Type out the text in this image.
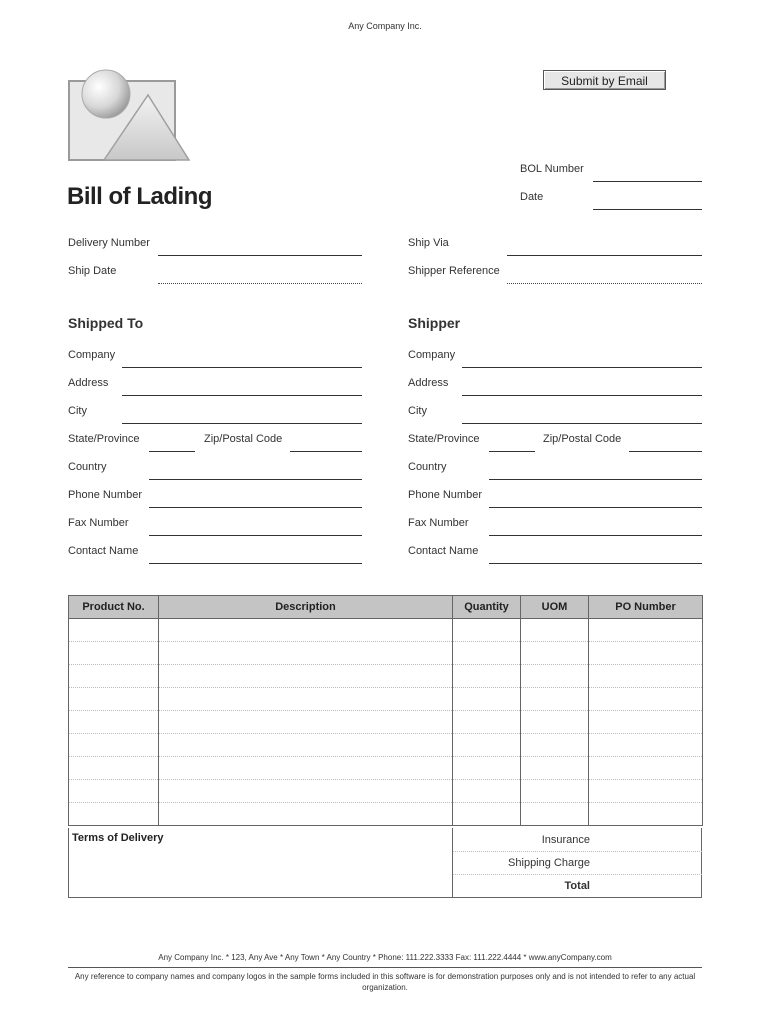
Any Company Inc.
Submit by Email
BOL Number
Date
Bill of Lading
Delivery Number
Ship Date
Ship Via
Shipper Reference
Shipped To
Company
Address
City
State/Province	Zip/Postal Code
Country
Phone Number
Fax Number
Contact Name
Shipper
Company
Address
City
State/Province	Zip/Postal Code
Country
Phone Number
Fax Number
Contact Name
Product No.	Description	Quantity	UOM	PO Number

Terms of Delivery	Insurance
Shipping Charge
Total
Any Company Inc. * 123, Any Ave * Any Town * Any Country * Phone: 111.222.3333 Fax: 111.222.4444 * www.anyCompany.com
Any reference to company names and company logos in the sample forms included in this software is for demonstration purposes only and is not intended to refer to any actual organization.
